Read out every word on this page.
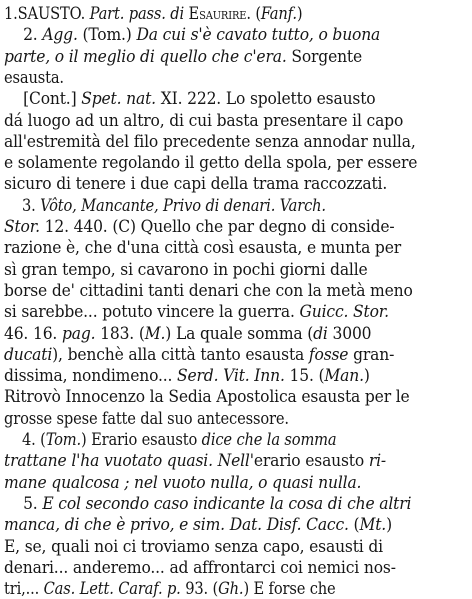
1.SAUSTO. Part. pass. di Esaurire. (Fanf.)
2. Agg. (Tom.) Da cui s'è cavato tutto, o buona
parte, o il meglio di quello che c'era. Sorgente
esausta.
[Cont.] Spet. nat. XI. 222. Lo spoletto esausto
dá luogo ad un altro, di cui basta presentare il capo
all'estremità del filo precedente senza annodar nulla,
e solamente regolando il getto della spola, per essere
sicuro di tenere i due capi della trama raccozzati.
3. Vôto, Mancante, Privo di denari. Varch.
Stor. 12. 440. (C) Quello che par degno di conside-
razione è, che d'una città così esausta, e munta per
sì gran tempo, si cavarono in pochi giorni dalle
borse de' cittadini tanti denari che con la metà meno
si sarebbe... potuto vincere la guerra. Guicc. Stor.
46. 16. pag. 183. (M.) La quale somma (di 3000
ducati), benchè alla città tanto esausta fosse gran-
dissima, nondimeno... Serd. Vit. Inn. 15. (Man.)
Ritrovò Innocenzo la Sedia Apostolica esausta per le
grosse spese fatte dal suo antecessore.
4. (Tom.) Erario esausto dice che la somma
trattane l'ha vuotato quasi. Nell'erario esausto ri-
mane qualcosa ; nel vuoto nulla, o quasi nulla.
5. E col secondo caso indicante la cosa di che altri
manca, di che è privo, e sim. Dat. Disf. Cacc. (Mt.)
E, se, quali noi ci troviamo senza capo, esausti di
denari... anderemo... ad affrontarci coi nemici nos-
tri,... Cas. Lett. Caraf. p. 93. (Gh.) E forse che
